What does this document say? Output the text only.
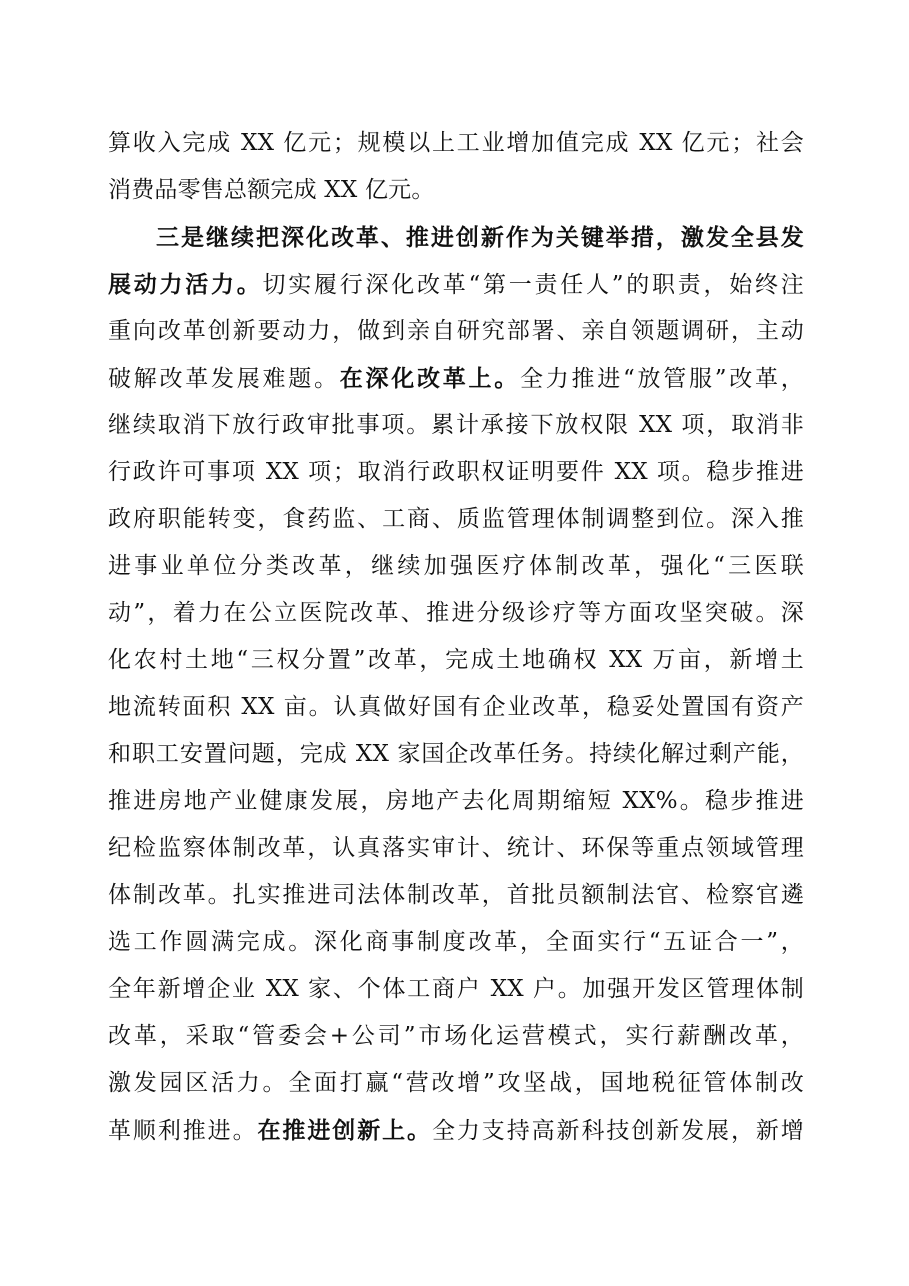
算收入完成 XX 亿元；规模以上工业增加值完成 XX 亿元；社会
消费品零售总额完成 XX 亿元。
三是继续把深化改革、推进创新作为关键举措，激发全县发
展动力活力。切实履行深化改革“第一责任人”的职责，始终注
重向改革创新要动力，做到亲自研究部署、亲自领题调研，主动
破解改革发展难题。在深化改革上。全力推进“放管服”改革，
继续取消下放行政审批事项。累计承接下放权限 XX 项，取消非
行政许可事项 XX 项；取消行政职权证明要件 XX 项。稳步推进
政府职能转变，食药监、工商、质监管理体制调整到位。深入推
进事业单位分类改革，继续加强医疗体制改革，强化“三医联
动”，着力在公立医院改革、推进分级诊疗等方面攻坚突破。深
化农村土地“三权分置”改革，完成土地确权 XX 万亩，新增土
地流转面积 XX 亩。认真做好国有企业改革，稳妥处置国有资产
和职工安置问题，完成 XX 家国企改革任务。持续化解过剩产能，
推进房地产业健康发展，房地产去化周期缩短 XX%。稳步推进
纪检监察体制改革，认真落实审计、统计、环保等重点领域管理
体制改革。扎实推进司法体制改革，首批员额制法官、检察官遴
选工作圆满完成。深化商事制度改革，全面实行“五证合一”，
全年新增企业 XX 家、个体工商户 XX 户。加强开发区管理体制
改革，采取“管委会+公司”市场化运营模式，实行薪酬改革，
激发园区活力。全面打赢“营改增”攻坚战，国地税征管体制改
革顺利推进。在推进创新上。全力支持高新科技创新发展，新增
